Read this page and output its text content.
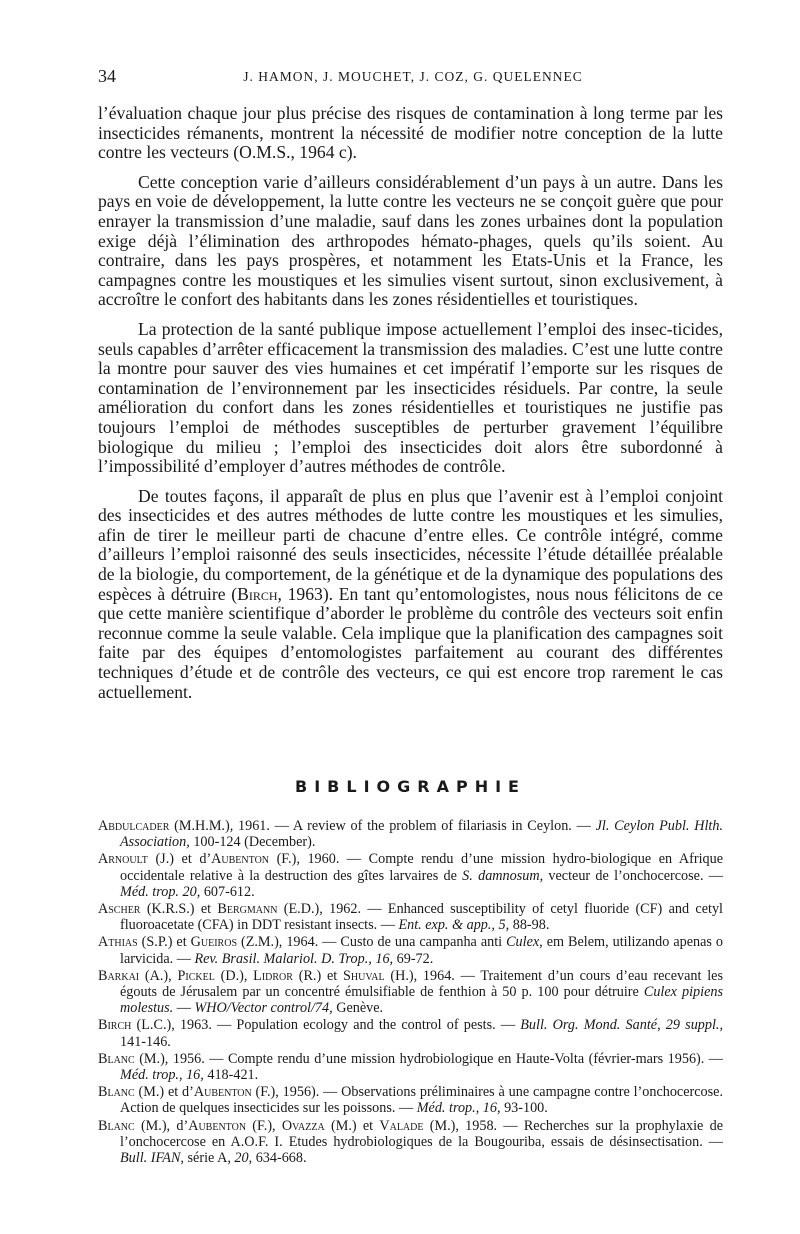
34	J. HAMON, J. MOUCHET, J. COZ, G. QUELENNEC

l’évaluation chaque jour plus précise des risques de contamination à long terme par les insecticides rémanents, montrent la nécessité de modifier notre conception de la lutte contre les vecteurs (O.M.S., 1964 c).

Cette conception varie d’ailleurs considérablement d’un pays à un autre. Dans les pays en voie de développement, la lutte contre les vecteurs ne se conçoit guère que pour enrayer la transmission d’une maladie, sauf dans les zones urbaines dont la population exige déjà l’élimination des arthropodes hémato-phages, quels qu’ils soient. Au contraire, dans les pays prospères, et notamment les Etats-Unis et la France, les campagnes contre les moustiques et les simulies visent surtout, sinon exclusivement, à accroître le confort des habitants dans les zones résidentielles et touristiques.

La protection de la santé publique impose actuellement l’emploi des insec-ticides, seuls capables d’arrêter efficacement la transmission des maladies. C’est une lutte contre la montre pour sauver des vies humaines et cet impératif l’emporte sur les risques de contamination de l’environnement par les insecticides résiduels. Par contre, la seule amélioration du confort dans les zones résidentielles et touristiques ne justifie pas toujours l’emploi de méthodes susceptibles de perturber gravement l’équilibre biologique du milieu ; l’emploi des insecticides doit alors être subordonné à l’impossibilité d’employer d’autres méthodes de contrôle.

De toutes façons, il apparaît de plus en plus que l’avenir est à l’emploi conjoint des insecticides et des autres méthodes de lutte contre les moustiques et les simulies, afin de tirer le meilleur parti de chacune d’entre elles. Ce contrôle intégré, comme d’ailleurs l’emploi raisonné des seuls insecticides, nécessite l’étude détaillée préalable de la biologie, du comportement, de la génétique et de la dynamique des populations des espèces à détruire (Birch, 1963). En tant qu’entomologistes, nous nous félicitons de ce que cette manière scientifique d’aborder le problème du contrôle des vecteurs soit enfin reconnue comme la seule valable. Cela implique que la planification des campagnes soit faite par des équipes d’entomologistes parfaitement au courant des différentes techniques d’étude et de contrôle des vecteurs, ce qui est encore trop rarement le cas actuellement.

BIBLIOGRAPHIE

Abdulcader (M.H.M.), 1961. — A review of the problem of filariasis in Ceylon. — Jl. Ceylon Publ. Hlth. Association, 100-124 (December).

Arnoult (J.) et d’Aubenton (F.), 1960. — Compte rendu d’une mission hydro-biologique en Afrique occidentale relative à la destruction des gîtes larvaires de S. damnosum, vecteur de l’onchocercose. — Méd. trop. 20, 607-612.

Ascher (K.R.S.) et Bergmann (E.D.), 1962. — Enhanced susceptibility of cetyl fluoride (CF) and cetyl fluoroacetate (CFA) in DDT resistant insects. — Ent. exp. & app., 5, 88-98.

Athias (S.P.) et Gueiros (Z.M.), 1964. — Custo de una campanha anti Culex, em Belem, utilizando apenas o larvicida. — Rev. Brasil. Malariol. D. Trop., 16, 69-72.

Barkai (A.), Pickel (D.), Lidror (R.) et Shuval (H.), 1964. — Traitement d’un cours d’eau recevant les égouts de Jérusalem par un concentré émulsifiable de fenthion à 50 p. 100 pour détruire Culex pipiens molestus. — WHO/Vector control/74, Genève.

Birch (L.C.), 1963. — Population ecology and the control of pests. — Bull. Org. Mond. Santé, 29 suppl., 141-146.

Blanc (M.), 1956. — Compte rendu d’une mission hydrobiologique en Haute-Volta (février-mars 1956). — Méd. trop., 16, 418-421.

Blanc (M.) et d’Aubenton (F.), 1956). — Observations préliminaires à une campagne contre l’onchocercose. Action de quelques insecticides sur les poissons. — Méd. trop., 16, 93-100.

Blanc (M.), d’Aubenton (F.), Ovazza (M.) et Valade (M.), 1958. — Recherches sur la prophylaxie de l’onchocercose en A.O.F. I. Etudes hydrobiologiques de la Bougouriba, essais de désinsectisation. — Bull. IFAN, série A, 20, 634-668.
